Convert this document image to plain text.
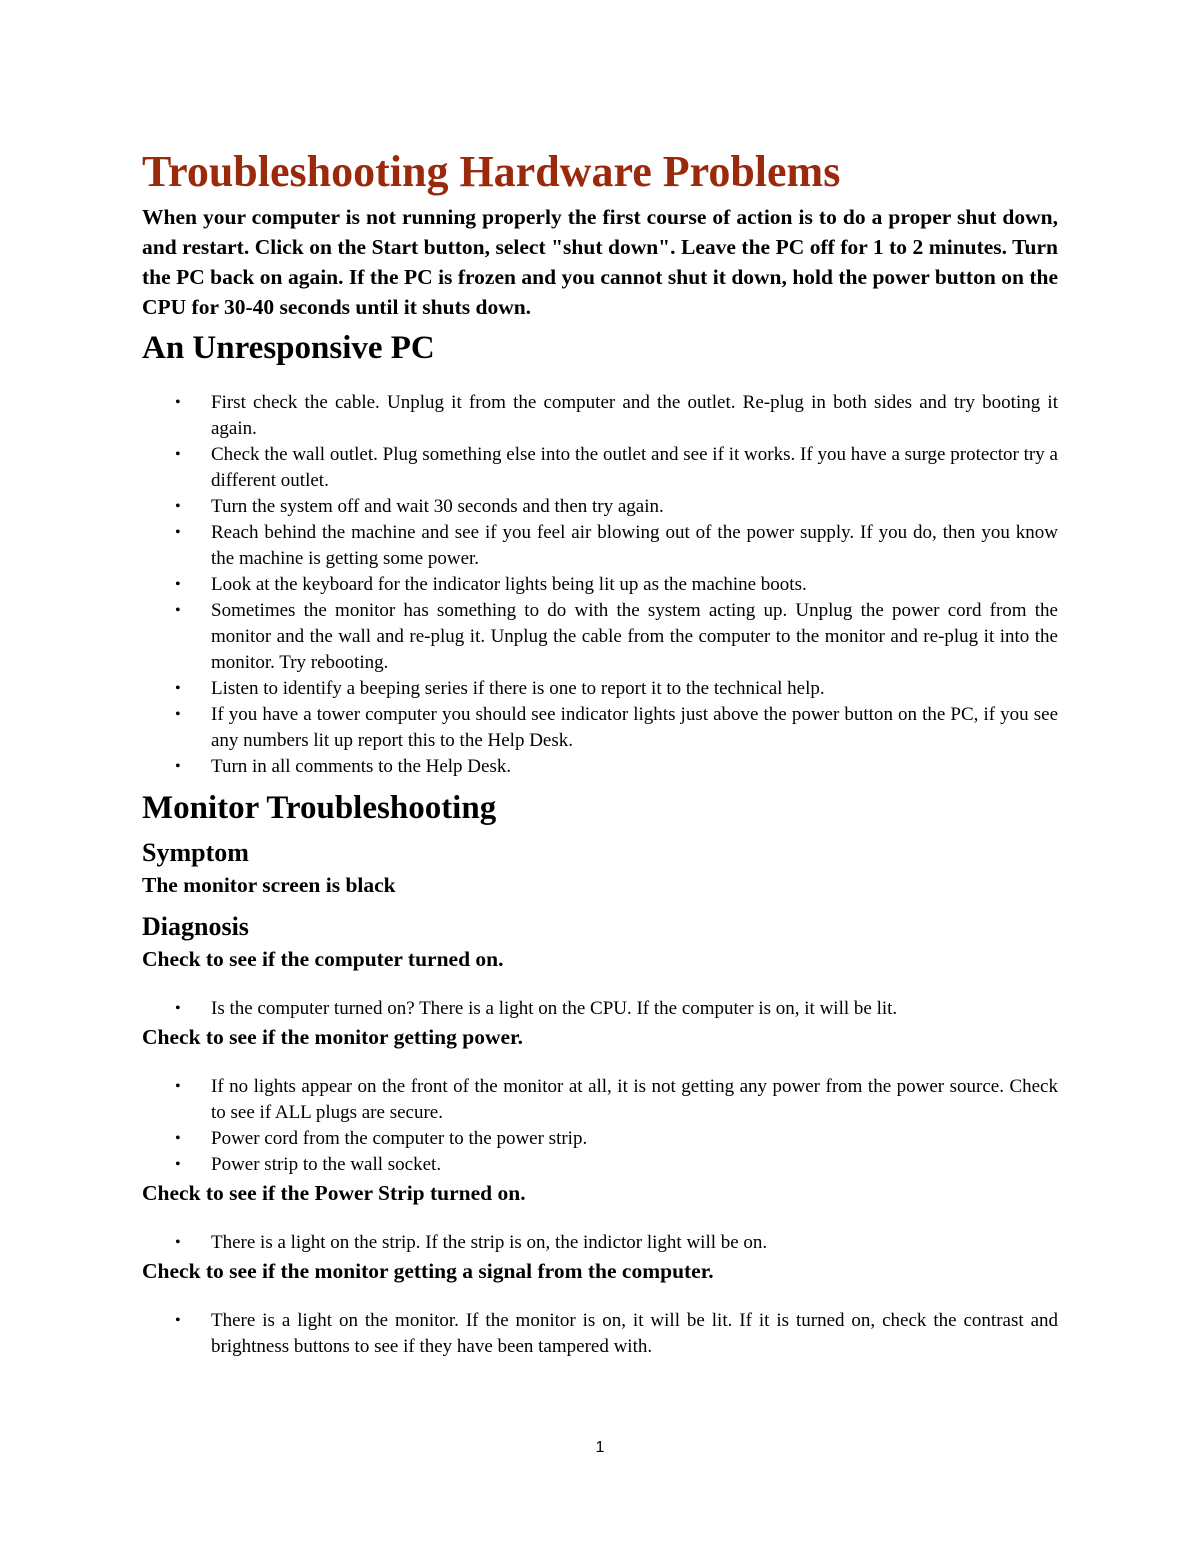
Troubleshooting Hardware Problems

When your computer is not running properly the first course of action is to do a proper shut down, and restart. Click on the Start button, select "shut down". Leave the PC off for 1 to 2 minutes. Turn the PC back on again. If the PC is frozen and you cannot shut it down, hold the power button on the CPU for 30-40 seconds until it shuts down.

An Unresponsive PC
• First check the cable. Unplug it from the computer and the outlet. Re-plug in both sides and try booting it again.
• Check the wall outlet. Plug something else into the outlet and see if it works. If you have a surge protector try a different outlet.
• Turn the system off and wait 30 seconds and then try again.
• Reach behind the machine and see if you feel air blowing out of the power supply. If you do, then you know the machine is getting some power.
• Look at the keyboard for the indicator lights being lit up as the machine boots.
• Sometimes the monitor has something to do with the system acting up. Unplug the power cord from the monitor and the wall and re-plug it. Unplug the cable from the computer to the monitor and re-plug it into the monitor. Try rebooting.
• Listen to identify a beeping series if there is one to report it to the technical help.
• If you have a tower computer you should see indicator lights just above the power button on the PC, if you see any numbers lit up report this to the Help Desk.
• Turn in all comments to the Help Desk.
Monitor Troubleshooting
Symptom

The monitor screen is black

Diagnosis

Check to see if the computer turned on.

• Is the computer turned on? There is a light on the CPU. If the computer is on, it will be lit.

Check to see if the monitor getting power.

• If no lights appear on the front of the monitor at all, it is not getting any power from the power source. Check to see if ALL plugs are secure.
• Power cord from the computer to the power strip.
• Power strip to the wall socket.

Check to see if the Power Strip turned on.

• There is a light on the strip. If the strip is on, the indictor light will be on.

Check to see if the monitor getting a signal from the computer.

• There is a light on the monitor. If the monitor is on, it will be lit. If it is turned on, check the contrast and brightness buttons to see if they have been tampered with.
1
